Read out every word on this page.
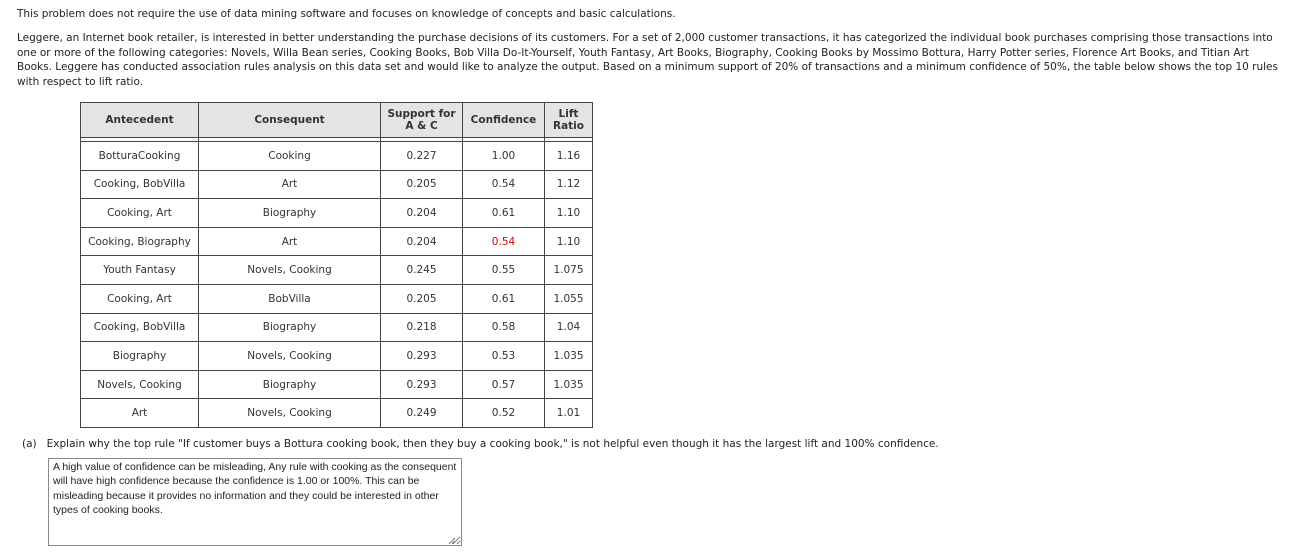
This problem does not require the use of data mining software and focuses on knowledge of concepts and basic calculations.

Leggere, an Internet book retailer, is interested in better understanding the purchase decisions of its customers. For a set of 2,000 customer transactions, it has categorized the individual book purchases comprising those transactions into one or more of the following categories: Novels, Willa Bean series, Cooking Books, Bob Villa Do-It-Yourself, Youth Fantasy, Art Books, Biography, Cooking Books by Mossimo Bottura, Harry Potter series, Florence Art Books, and Titian Art Books. Leggere has conducted association rules analysis on this data set and would like to analyze the output. Based on a minimum support of 20% of transactions and a minimum confidence of 50%, the table below shows the top 10 rules with respect to lift ratio.

Antecedent	Consequent	Support for A & C	Confidence	Lift Ratio

BotturaCooking	Cooking	0.227	1.00	1.16
Cooking, BobVilla	Art	0.205	0.54	1.12
Cooking, Art	Biography	0.204	0.61	1.10
Cooking, Biography	Art	0.204	0.54	1.10
Youth Fantasy	Novels, Cooking	0.245	0.55	1.075
Cooking, Art	BobVilla	0.205	0.61	1.055
Cooking, BobVilla	Biography	0.218	0.58	1.04
Biography	Novels, Cooking	0.293	0.53	1.035
Novels, Cooking	Biography	0.293	0.57	1.035
Art	Novels, Cooking	0.249	0.52	1.01

(a) Explain why the top rule "If customer buys a Bottura cooking book, then they buy a cooking book," is not helpful even though it has the largest lift and 100% confidence.

A high value of confidence can be misleading, Any rule with cooking as the consequent will have high confidence because the confidence is 1.00 or 100%. This can be misleading because it provides no information and they could be interested in other types of cooking books.
